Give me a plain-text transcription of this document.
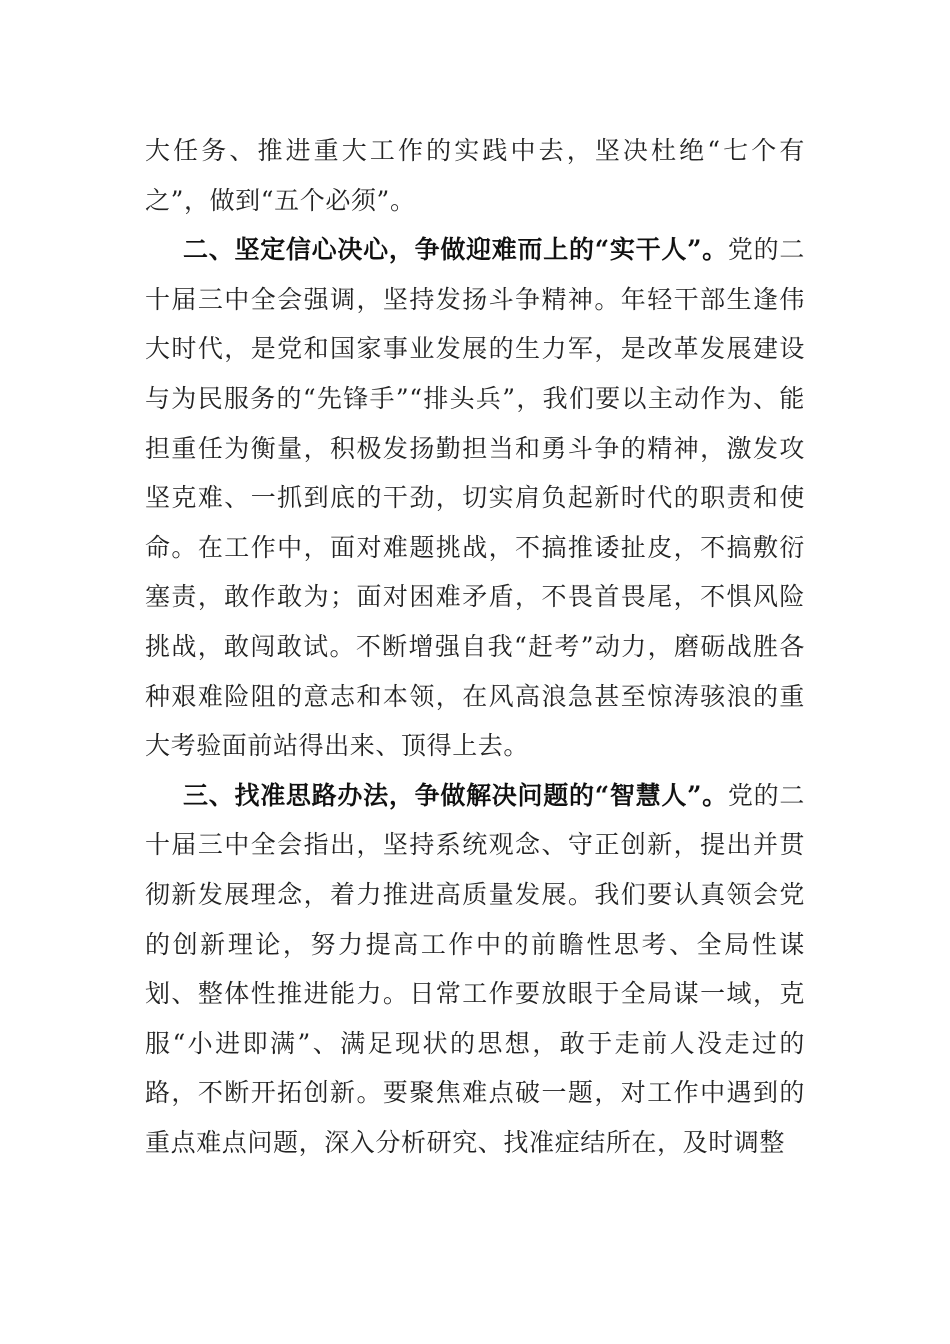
大任务、推进重大工作的实践中去，坚决杜绝“七个有之”，做到“五个必须”。

二、坚定信心决心，争做迎难而上的“实干人”。党的二十届三中全会强调，坚持发扬斗争精神。年轻干部生逢伟大时代，是党和国家事业发展的生力军，是改革发展建设与为民服务的“先锋手”“排头兵”，我们要以主动作为、能担重任为衡量，积极发扬勤担当和勇斗争的精神，激发攻坚克难、一抓到底的干劲，切实肩负起新时代的职责和使命。在工作中，面对难题挑战，不搞推诿扯皮，不搞敷衍塞责，敢作敢为；面对困难矛盾，不畏首畏尾，不惧风险挑战，敢闯敢试。不断增强自我“赶考”动力，磨砺战胜各种艰难险阻的意志和本领，在风高浪急甚至惊涛骇浪的重大考验面前站得出来、顶得上去。

三、找准思路办法，争做解决问题的“智慧人”。党的二十届三中全会指出，坚持系统观念、守正创新，提出并贯彻新发展理念，着力推进高质量发展。我们要认真领会党的创新理论，努力提高工作中的前瞻性思考、全局性谋划、整体性推进能力。日常工作要放眼于全局谋一域，克服“小进即满”、满足现状的思想，敢于走前人没走过的路，不断开拓创新。要聚焦难点破一题，对工作中遇到的重点难点问题，深入分析研究、找准症结所在，及时调整
